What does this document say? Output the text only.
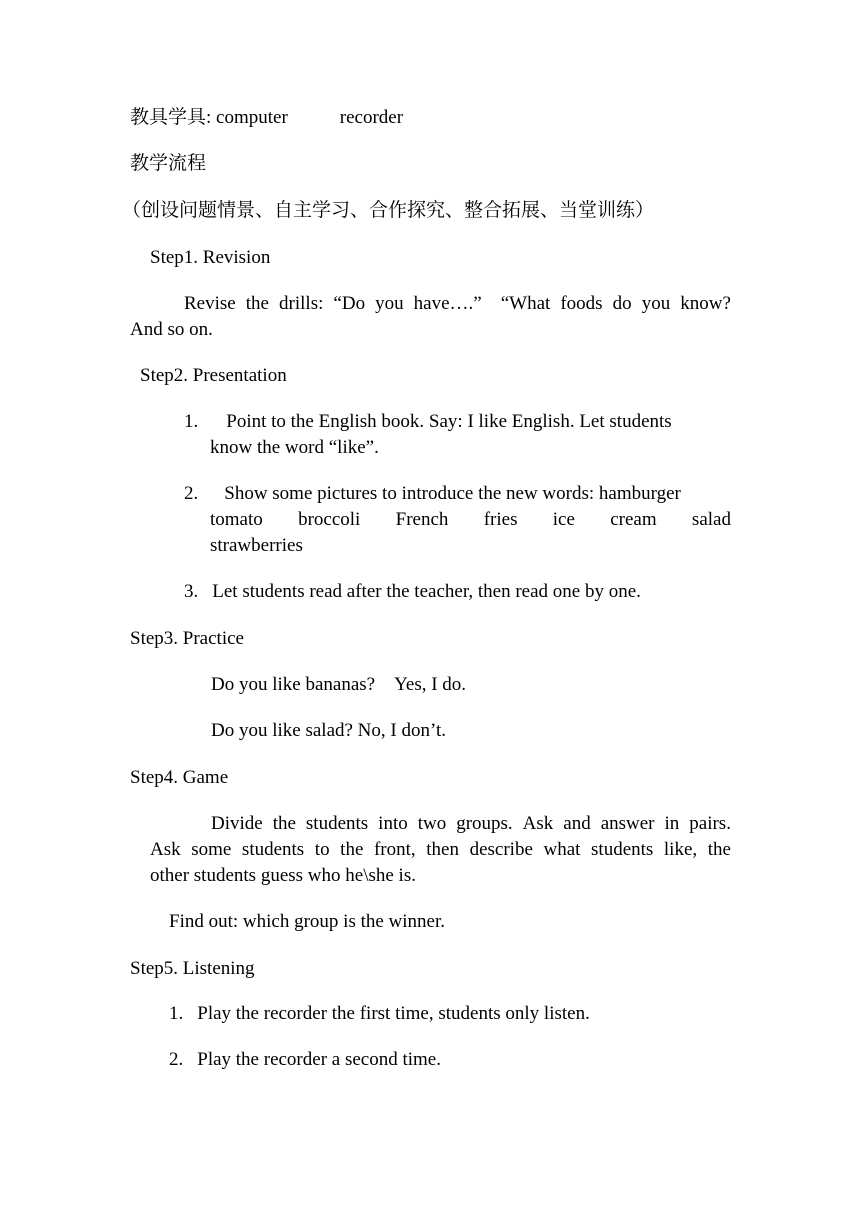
教具学具: computer	recorder
教学流程
（创设问题情景、自主学习、合作探究、整合拓展、当堂训练）
Step1. Revision
Revise the drills: “Do you have….”　“What foods do you know?
And so on.
Step2. Presentation
1. Point to the English book. Say: I like English. Let students
know the word “like”.
2. Show some pictures to introduce the new words: hamburger
tomato broccoli French fries ice cream salad
strawberries
3. Let students read after the teacher, then read one by one.
Step3. Practice
Do you like bananas?　Yes, I do.
Do you like salad? No, I don’t.
Step4. Game
Divide the students into two groups. Ask and answer in pairs.
Ask some students to the front, then describe what students like, the
other students guess who he\she is.
Find out: which group is the winner.
Step5. Listening
1. Play the recorder the first time, students only listen.
2. Play the recorder a second time.
